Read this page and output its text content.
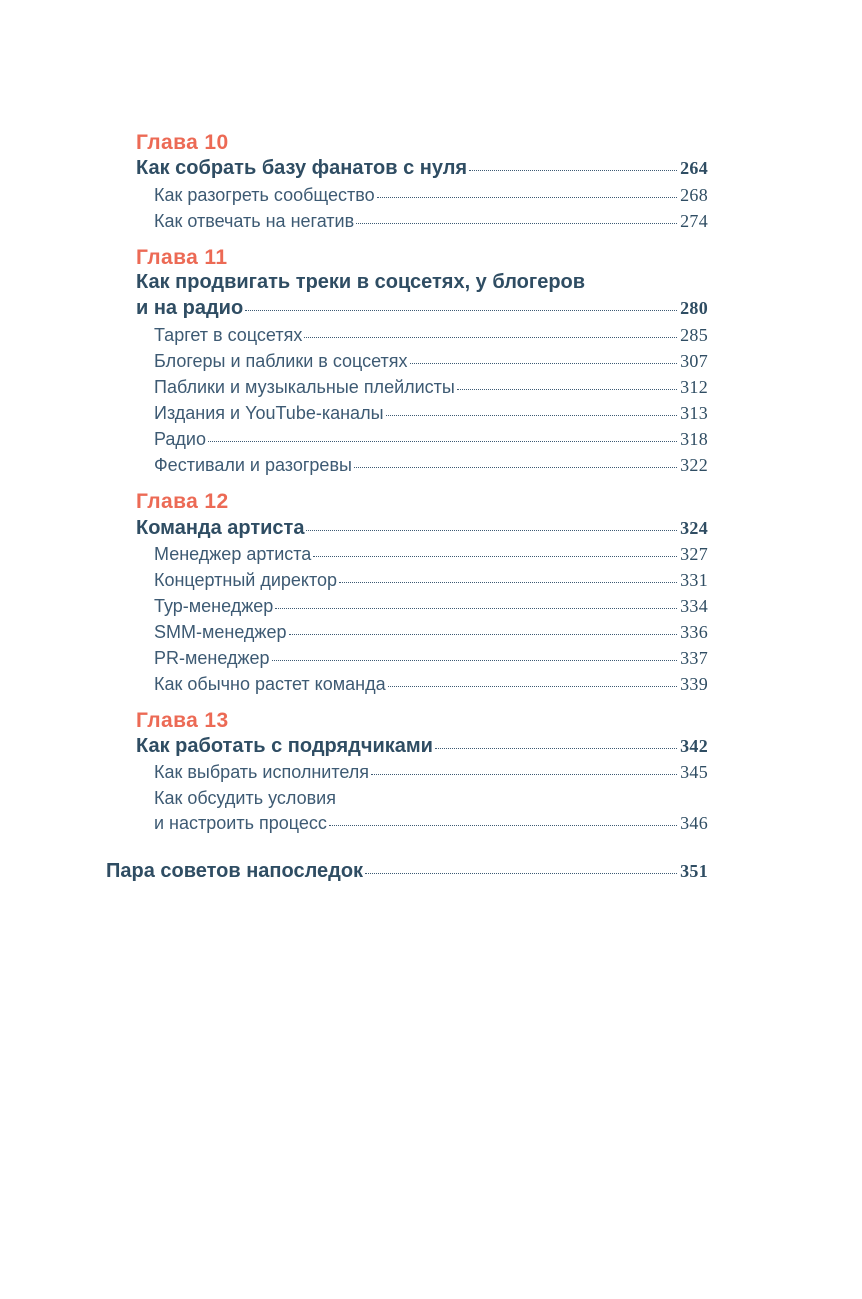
Глава 10
Как собрать базу фанатов с нуля	264
Как разогреть сообщество	268
Как отвечать на негатив	274
Глава 11
Как продвигать треки в соцсетях, у блогеров
и на радио	280
Таргет в соцсетях	285
Блогеры и паблики в соцсетях	307
Паблики и музыкальные плейлисты	312
Издания и YouTube-каналы	313
Радио	318
Фестивали и разогревы	322
Глава 12
Команда артиста	324
Менеджер артиста	327
Концертный директор	331
Тур-менеджер	334
SMM-менеджер	336
PR-менеджер	337
Как обычно растет команда	339
Глава 13
Как работать с подрядчиками	342
Как выбрать исполнителя	345
Как обсудить условия
и настроить процесс	346
Пара советов напоследок	351
